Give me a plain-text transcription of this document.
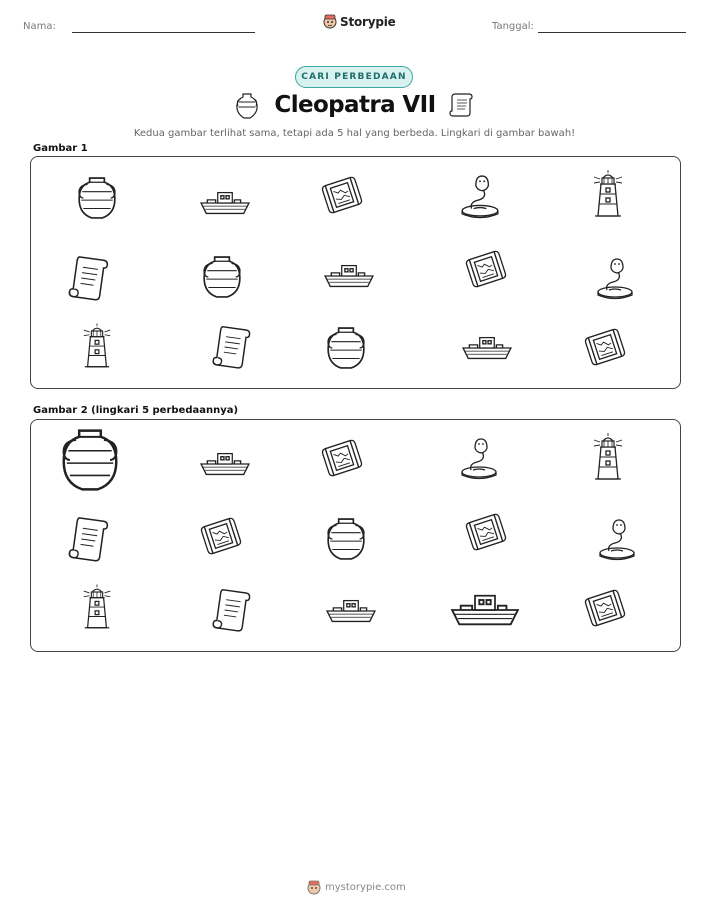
Nama:	Storypie	Tanggal:
CARI PERBEDAAN
Cleopatra VII
Kedua gambar terlihat sama, tetapi ada 5 hal yang berbeda. Lingkari di gambar bawah!
Gambar 1
Gambar 2 (lingkari 5 perbedaannya)
mystorypie.com
